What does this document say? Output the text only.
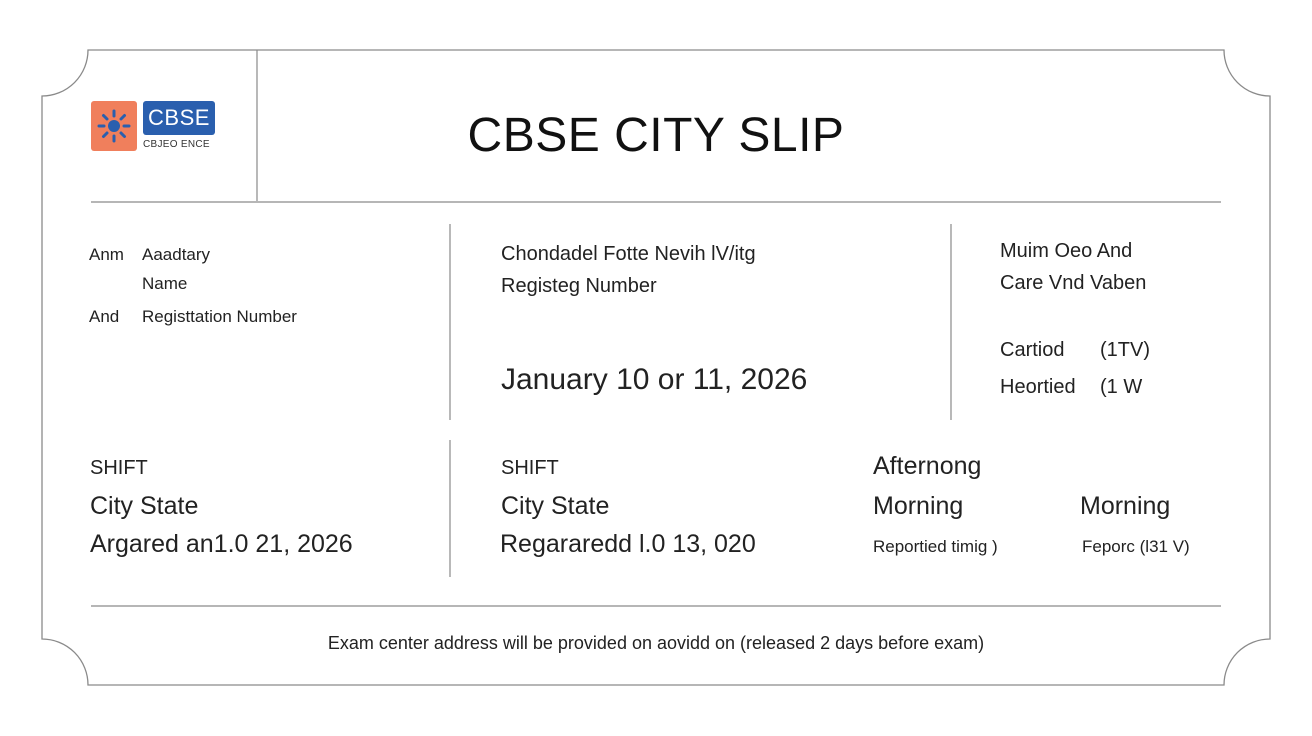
CBSE
CBJEO ENCE	CBSE CITY SLIP
Anm Aaadtary
Name
And Registtation Number
Chondadel Fotte Nevih lV/itg
Registeg Number
January 10 or 11, 2026
Muim Oeo And
Care Vnd Vaben
Cartiod (1TV)
Heortied (1 W
SHIFT
City State
Argared an1.0 21, 2026
SHIFT
City State
Regararedd l.0 13, 020
Afternong
Morning	Morning
Reportied timig )	Feporc (l31 V)
Exam center address will be provided on aovidd on (released 2 days before exam)
